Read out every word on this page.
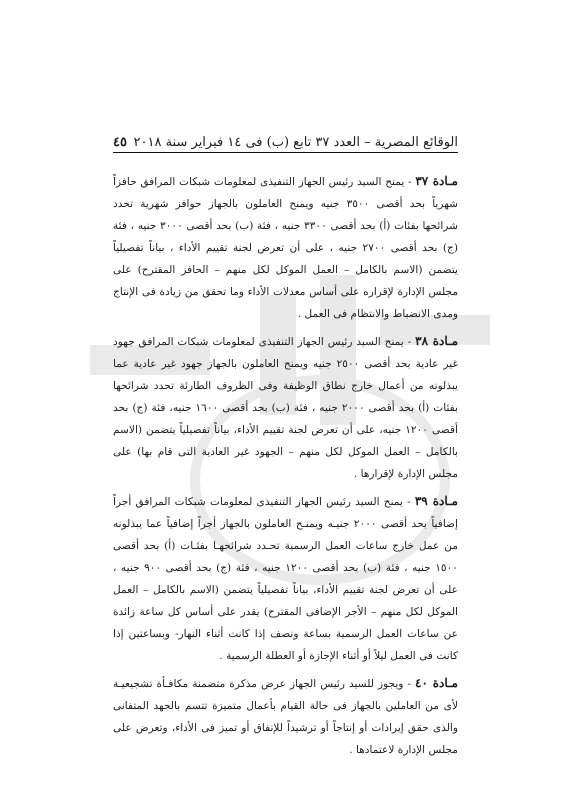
الوقائع المصرية – العدد ٣٧ تابع (ب) فى ١٤ فبراير سنة ٢٠١٨
٤٥

مـادة ٣٧ - يمنح السيد رئيس الجهاز التنفيذى لمعلومات شبكات المرافق حافزاً شهرياً بحد أقصى ٣٥٠٠ جنيه ويمنح العاملون بالجهاز حوافز شهرية تحدد شرائحها بفئات (أ) بحد أقصى ٣٣٠٠ جنيه ، فئة (ب) بحد أقصى ٣٠٠٠ جنيه ، فئة (ج) بحد أقصى ٢٧٠٠ جنيه ، على أن تعرض لجنة تقييم الأداء ، بياناً تفصيلياً يتضمن (الاسم بالكامل – العمل الموكل لكل منهم – الحافز المقترح) على مجلس الإدارة لإقراره على أساس معدلات الأداء وما تحقق من زيادة فى الإنتاج ومدى الانضباط والانتظام فى العمل .

مـادة ٣٨ - يمنح السيد رئيس الجهاز التنفيذى لمعلومات شبكات المرافق جهود غير عادية بحد أقصى ٢٥٠٠ جنيه ويمنح العاملون بالجهاز جهود غير عادية عما يبذلونه من أعمال خارج نطاق الوظيفة وفى الظروف الطارئة تحدد شرائحها بفئات (أ) بحد أقصى ٢٠٠٠ جنيه ، فئة (ب) بحد أقصى ١٦٠٠ جنيه، فئة (ج) بحد أقصى ١٢٠٠ جنيه، على أن تعرض لجنة تقييم الأداء، بياناً تفصيلياً يتضمن (الاسم بالكامل – العمل الموكل لكل منهم – الجهود غير العادية التى قام بها) على مجلس الإدارة لإقرارها .

مـادة ٣٩ - يمنح السيد رئيس الجهاز التنفيذى لمعلومات شبكات المرافق أجراً إضافياً بحد أقصى ٢٠٠٠ جنيـه ويمنـح العاملون بالجهاز أجراً إضافياً عما يبذلونه من عمل خارج ساعات العمل الرسمية تحـدد شرائحهـا بفئـات (أ) بحد أقصى ١٥٠٠ جنيه ، فئة (ب) بحد أقصى ١٢٠٠ جنيه ، فئة (ج) بحد أقصى ٩٠٠ جنيه ، على أن تعرض لجنة تقييم الأداء، بياناً تفصيلياً يتضمن (الاسم بالكامل – العمل الموكل لكل منهم – الأجر الإضافى المقترح) يقدر على أساس كل ساعة زائدة عن ساعات العمل الرسمية بساعة ونصف إذا كانت أثناء النهار- وبساعتين إذا كانت فى العمل ليلاً أو أثناء الإجازة أو العطلة الرسمية .

مـادة ٤٠ - ويجوز للسيد رئيس الجهاز عرض مذكرة متضمنة مكافـأة تشجيعيـة لأى من العاملين بالجهاز فى حالة القيام بأعمال متميزة تتسم بالجهد المتفانى والذى حقق إيرادات أو إنتاجاً أو ترشيداً للإنفاق أو تميز فى الأداء، وتعرض على مجلس الإدارة لاعتمادها .
